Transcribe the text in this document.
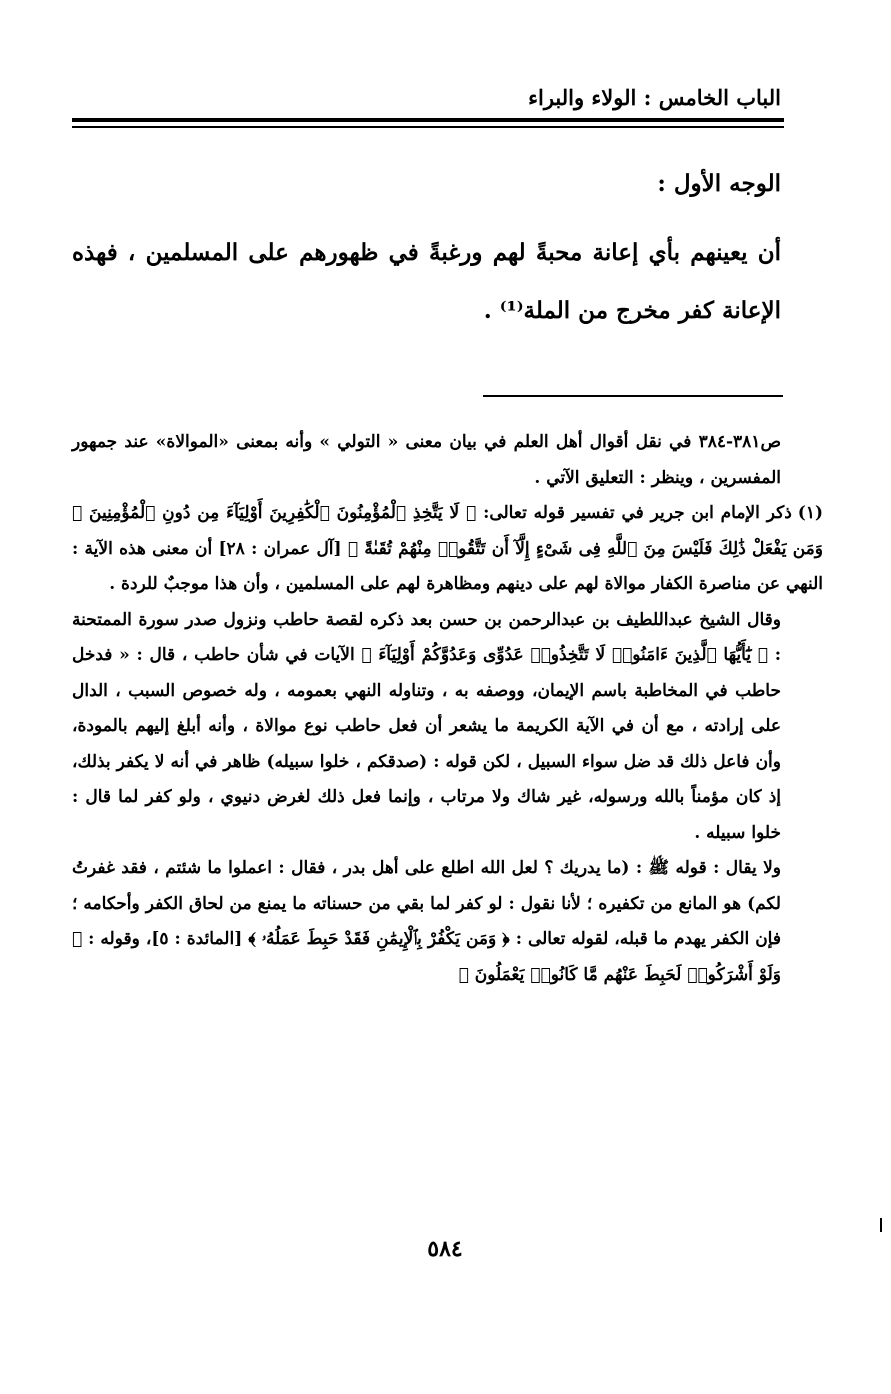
الباب الخامس : الولاء والبراء
الوجه الأول :
أن يعينهم بأي إعانة محبةً لهم ورغبةً في ظهورهم على المسلمين ، فهذه الإعانة كفر مخرج من الملة⁽¹⁾ .

ص٣٨١-٣٨٤ في نقل أقوال أهل العلم في بيان معنى « التولي » وأنه بمعنى «الموالاة» عند جمهور المفسرين ، وينظر : التعليق الآتي .

(١)ذكر الإمام ابن جرير في تفسير قوله تعالى: ﴿ لَا يَتَّخِذِ ٱلْمُؤْمِنُونَ ٱلْكَٰفِرِينَ أَوْلِيَآءَ مِن دُونِ ٱلْمُؤْمِنِينَ ۖ وَمَن يَفْعَلْ ذَٰلِكَ فَلَيْسَ مِنَ ٱللَّهِ فِى شَىْءٍ إِلَّآ أَن تَتَّقُوا۟ مِنْهُمْ تُقَىٰةً ﴾ [آل عمران : ٢٨] أن معنى هذه الآية : النهي عن مناصرة الكفار موالاة لهم على دينهم ومظاهرة لهم على المسلمين ، وأن هذا موجبٌ للردة .

وقال الشيخ عبداللطيف بن عبدالرحمن بن حسن بعد ذكره لقصة حاطب ونزول صدر سورة الممتحنة : ﴿ يَٰٓأَيُّهَا ٱلَّذِينَ ءَامَنُوا۟ لَا تَتَّخِذُوا۟ عَدُوِّى وَعَدُوَّكُمْ أَوْلِيَآءَ ﴾ الآيات في شأن حاطب ، قال : « فدخل حاطب في المخاطبة باسم الإيمان، ووصفه به ، وتناوله النهي بعمومه ، وله خصوص السبب ، الدال على إرادته ، مع أن في الآية الكريمة ما يشعر أن فعل حاطب نوع موالاة ، وأنه أبلغ إليهم بالمودة، وأن فاعل ذلك قد ضل سواء السبيل ، لكن قوله : (صدقكم ، خلوا سبيله) ظاهر في أنه لا يكفر بذلك، إذ كان مؤمناً بالله ورسوله، غير شاك ولا مرتاب ، وإنما فعل ذلك لغرض دنيوي ، ولو كفر لما قال : خلوا سبيله .

ولا يقال : قوله ﷺ : (ما يدريك ؟ لعل الله اطلع على أهل بدر ، فقال : اعملوا ما شئتم ، فقد غفرتُ لكم) هو المانع من تكفيره ؛ لأنا نقول : لو كفر لما بقي من حسناته ما يمنع من لحاق الكفر وأحكامه ؛ فإن الكفر يهدم ما قبله، لقوله تعالى : ﴿ وَمَن يَكْفُرْ بِٱلْإِيمَٰنِ فَقَدْ حَبِطَ عَمَلُهُۥ ﴾ [المائدة : ٥]، وقوله : ﴿ وَلَوْ أَشْرَكُوا۟ لَحَبِطَ عَنْهُم مَّا كَانُوا۟ يَعْمَلُونَ ﴾

٥٨٤
